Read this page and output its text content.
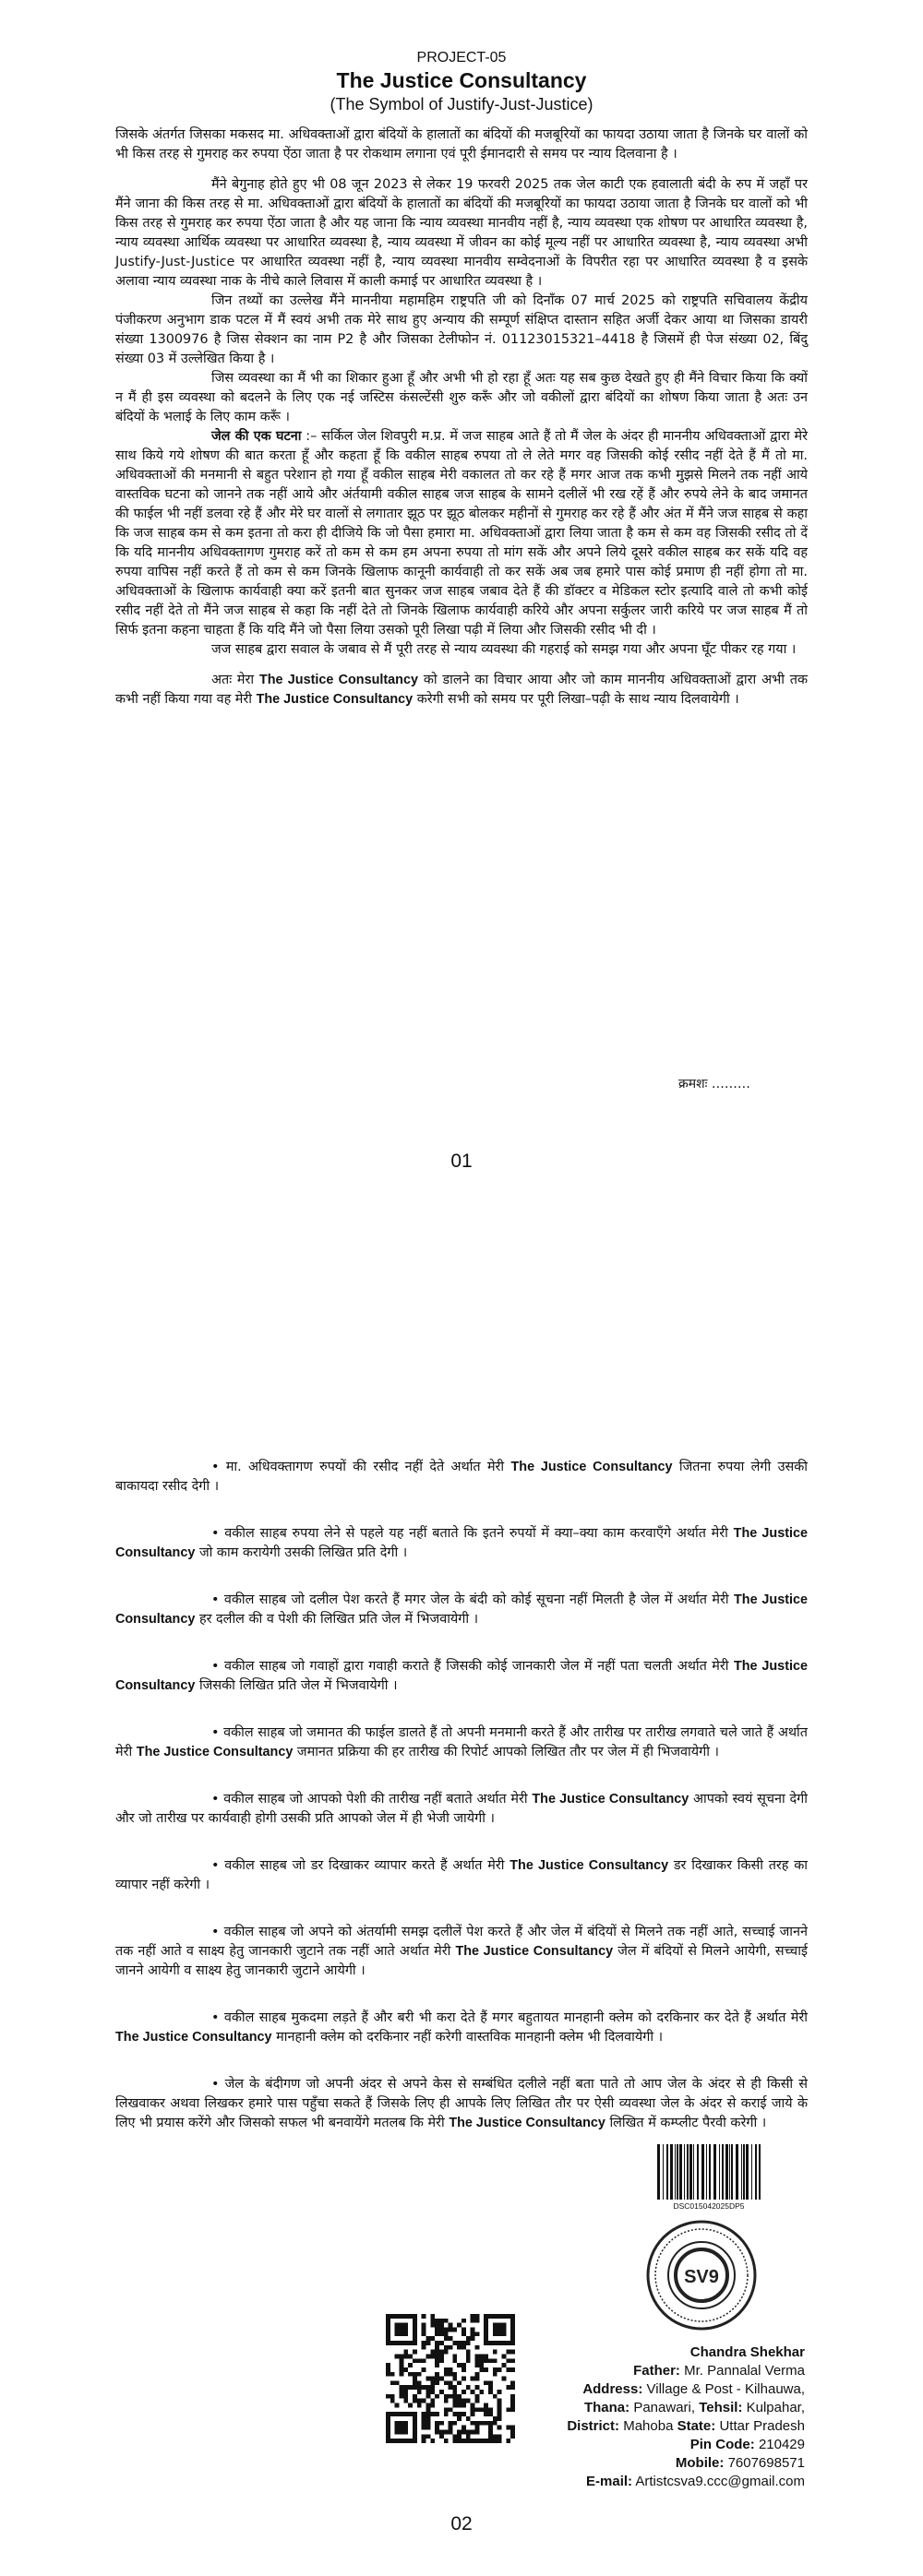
PROJECT-05
The Justice Consultancy
(The Symbol of Justify-Just-Justice)

जिसके अंतर्गत जिसका मकसद मा. अधिवक्ताओं द्वारा बंदियों के हालातों का बंदियों की मजबूरियों का फायदा उठाया जाता है जिनके घर वालों को भी किस तरह से गुमराह कर रुपया ऐंठा जाता है पर रोकथाम लगाना एवं पूरी ईमानदारी से समय पर न्याय दिलवाना है ।

मैंने बेगुनाह होते हुए भी 08 जून 2023 से लेकर 19 फरवरी 2025 तक जेल काटी एक हवालाती बंदी के रुप में जहाँ पर मैंने जाना की किस तरह से मा. अधिवक्ताओं द्वारा बंदियों के हालातों का बंदियों की मजबूरियों का फायदा उठाया जाता है जिनके घर वालों को भी किस तरह से गुमराह कर रुपया ऐंठा जाता है और यह जाना कि न्याय व्यवस्था मानवीय नहीं है, न्याय व्यवस्था एक शोषण पर आधारित व्यवस्था है, न्याय व्यवस्था आर्थिक व्यवस्था पर आधारित व्यवस्था है, न्याय व्यवस्था में जीवन का कोई मूल्य नहीं पर आधारित व्यवस्था है, न्याय व्यवस्था अभी Justify-Just-Justice पर आधारित व्यवस्था नहीं है, न्याय व्यवस्था मानवीय सम्वेदनाओं के विपरीत रहा पर आधारित व्यवस्था है व इसके अलावा न्याय व्यवस्था नाक के नीचे काले लिवास में काली कमाई पर आधारित व्यवस्था है ।

जिन तथ्यों का उल्लेख मैंने माननीया महामहिम राष्ट्रपति जी को दिनाँक 07 मार्च 2025 को राष्ट्रपति सचिवालय केंद्रीय पंजीकरण अनुभाग डाक पटल में मैं स्वयं अभी तक मेरे साथ हुए अन्याय की सम्पूर्ण संक्षिप्त दास्तान सहित अर्जी देकर आया था जिसका डायरी संख्या 1300976 है जिस सेक्शन का नाम P2 है और जिसका टेलीफोन नं. 01123015321–4418 है जिसमें ही पेज संख्या 02, बिंदु संख्या 03 में उल्लेखित किया है ।

जिस व्यवस्था का मैं भी का शिकार हुआ हूँ और अभी भी हो रहा हूँ अतः यह सब कुछ देखते हुए ही मैंने विचार किया कि क्यों न मैं ही इस व्यवस्था को बदलने के लिए एक नई जस्टिस कंसल्टेंसी शुरु करूँ और जो वकीलों द्वारा बंदियों का शोषण किया जाता है अतः उन बंदियों के भलाई के लिए काम करूँ ।

जेल की एक घटना :– सर्किल जेल शिवपुरी म.प्र. में जज साहब आते हैं तो मैं जेल के अंदर ही माननीय अधिवक्ताओं द्वारा मेरे साथ किये गये शोषण की बात करता हूँ और कहता हूँ कि वकील साहब रुपया तो ले लेते मगर वह जिसकी कोई रसीद नहीं देते हैं मैं तो मा. अधिवक्ताओं की मनमानी से बहुत परेशान हो गया हूँ वकील साहब मेरी वकालत तो कर रहे हैं मगर आज तक कभी मुझसे मिलने तक नहीं आये वास्तविक घटना को जानने तक नहीं आये और अंर्तयामी वकील साहब जज साहब के सामने दलीलें भी रख रहें हैं और रुपये लेने के बाद जमानत की फाईल भी नहीं डलवा रहे हैं और मेरे घर वालों से लगातार झूठ पर झूठ बोलकर महीनों से गुमराह कर रहे हैं और अंत में मैंने जज साहब से कहा कि जज साहब कम से कम इतना तो करा ही दीजिये कि जो पैसा हमारा मा. अधिवक्ताओं द्वारा लिया जाता है कम से कम वह जिसकी रसीद तो दें कि यदि माननीय अधिवक्तागण गुमराह करें तो कम से कम हम अपना रुपया तो मांग सकें और अपने लिये दूसरे वकील साहब कर सकें यदि वह रुपया वापिस नहीं करते हैं तो कम से कम जिनके खिलाफ कानूनी कार्यवाही तो कर सकें अब जब हमारे पास कोई प्रमाण ही नहीं होगा तो मा. अधिवक्ताओं के खिलाफ कार्यवाही क्या करें इतनी बात सुनकर जज साहब जबाव देते हैं की डॉक्टर व मेडिकल स्टोर इत्यादि वाले तो कभी कोई रसीद नहीं देते तो मैंने जज साहब से कहा कि नहीं देते तो जिनके खिलाफ कार्यवाही करिये और अपना सर्कुलर जारी करिये पर जज साहब मैं तो सिर्फ इतना कहना चाहता हैं कि यदि मैंने जो पैसा लिया उसको पूरी लिखा पढ़ी में लिया और जिसकी रसीद भी दी ।

जज साहब द्वारा सवाल के जबाव से मैं पूरी तरह से न्याय व्यवस्था की गहराई को समझ गया और अपना घूँट पीकर रह गया ।

अतः मेरा The Justice Consultancy को डालने का विचार आया और जो काम माननीय अधिवक्ताओं द्वारा अभी तक कभी नहीं किया गया वह मेरी The Justice Consultancy करेगी सभी को समय पर पूरी लिखा–पढ़ी के साथ न्याय दिलवायेगी ।

क्रमशः ………
01

• मा. अधिवक्तागण रुपयों की रसीद नहीं देते अर्थात मेरी The Justice Consultancy जितना रुपया लेगी उसकी बाकायदा रसीद देगी ।

• वकील साहब रुपया लेने से पहले यह नहीं बताते कि इतने रुपयों में क्या–क्या काम करवाएँगे अर्थात मेरी The Justice Consultancy जो काम करायेगी उसकी लिखित प्रति देगी ।

• वकील साहब जो दलील पेश करते हैं मगर जेल के बंदी को कोई सूचना नहीं मिलती है जेल में अर्थात मेरी The Justice Consultancy हर दलील की व पेशी की लिखित प्रति जेल में भिजवायेगी ।

• वकील साहब जो गवाहों द्वारा गवाही कराते हैं जिसकी कोई जानकारी जेल में नहीं पता चलती अर्थात मेरी The Justice Consultancy जिसकी लिखित प्रति जेल में भिजवायेगी ।

• वकील साहब जो जमानत की फाईल डालते हैं तो अपनी मनमानी करते हैं और तारीख पर तारीख लगवाते चले जाते हैं अर्थात मेरी The Justice Consultancy जमानत प्रक्रिया की हर तारीख की रिपोर्ट आपको लिखित तौर पर जेल में ही भिजवायेगी ।

• वकील साहब जो आपको पेशी की तारीख नहीं बताते अर्थात मेरी The Justice Consultancy आपको स्वयं सूचना देगी और जो तारीख पर कार्यवाही होगी उसकी प्रति आपको जेल में ही भेजी जायेगी ।

• वकील साहब जो डर दिखाकर व्यापार करते हैं अर्थात मेरी The Justice Consultancy डर दिखाकर किसी तरह का व्यापार नहीं करेगी ।

• वकील साहब जो अपने को अंतर्यामी समझ दलीलें पेश करते हैं और जेल में बंदियों से मिलने तक नहीं आते, सच्चाई जानने तक नहीं आते व साक्ष्य हेतु जानकारी जुटाने तक नहीं आते अर्थात मेरी The Justice Consultancy जेल में बंदियों से मिलने आयेगी, सच्चाई जानने आयेगी व साक्ष्य हेतु जानकारी जुटाने आयेगी ।

• वकील साहब मुकदमा लड़ते हैं और बरी भी करा देते हैं मगर बहुतायत मानहानी क्लेम को दरकिनार कर देते हैं अर्थात मेरी The Justice Consultancy मानहानी क्लेम को दरकिनार नहीं करेगी वास्तविक मानहानी क्लेम भी दिलवायेगी ।

• जेल के बंदीगण जो अपनी अंदर से अपने केस से सम्बंधित दलीले नहीं बता पाते तो आप जेल के अंदर से ही किसी से लिखवाकर अथवा लिखकर हमारे पास पहुँचा सकते हैं जिसके लिए ही आपके लिए लिखित तौर पर ऐसी व्यवस्था जेल के अंदर से कराई जाये के लिए भी प्रयास करेंगे और जिसको सफल भी बनवायेंगे मतलब कि मेरी The Justice Consultancy लिखित में कम्प्लीट पैरवी करेगी ।

DSC015042025DP5
SV9
Chandra Shekhar
Father: Mr. Pannalal Verma
Address: Village & Post - Kilhauwa,
Thana: Panawari, Tehsil: Kulpahar,
District: Mahoba State: Uttar Pradesh
Pin Code: 210429
Mobile: 7607698571
E-mail: Artistcsva9.ccc@gmail.com
02
